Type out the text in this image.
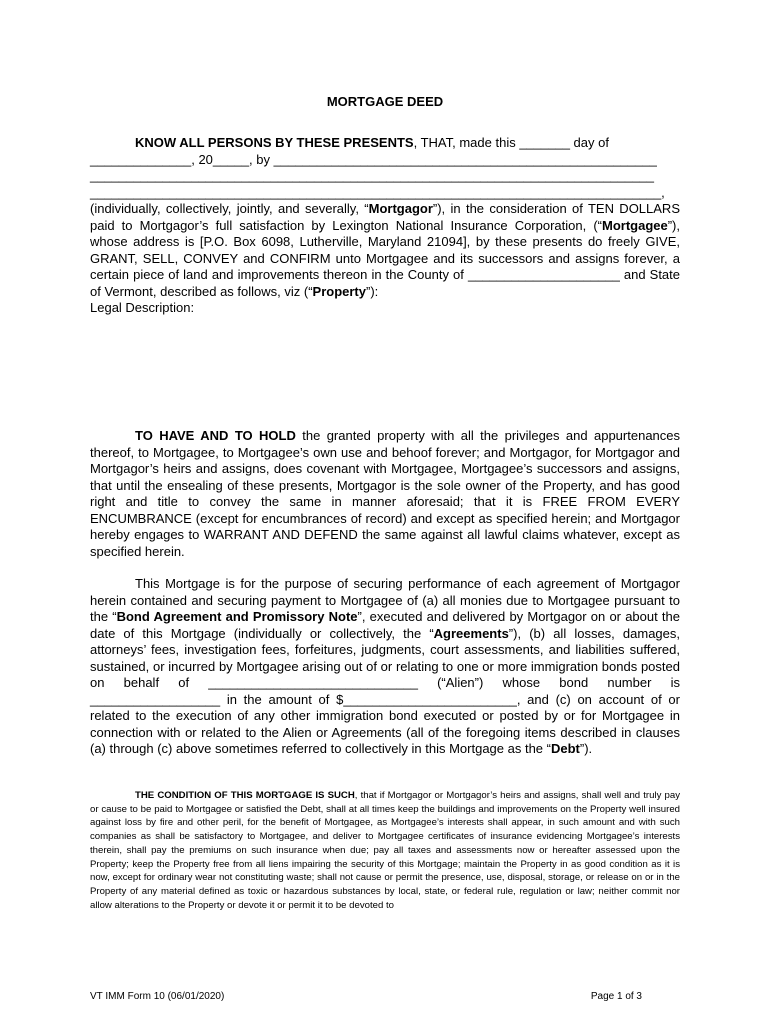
MORTGAGE DEED
KNOW ALL PERSONS BY THESE PRESENTS, THAT, made this _______ day of
______________, 20_____, by _____________________________________________________
______________________________________________________________________________
_______________________________________________________________________________,
(individually, collectively, jointly, and severally, “Mortgagor”), in the consideration of TEN DOLLARS paid to Mortgagor’s full satisfaction by Lexington National Insurance Corporation, (“Mortgagee”), whose address is [P.O. Box 6098, Lutherville, Maryland 21094], by these presents do freely GIVE, GRANT, SELL, CONVEY and CONFIRM unto Mortgagee and its successors and assigns forever, a certain piece of land and improvements thereon in the County of _____________________ and State of Vermont, described as follows, viz (“Property”):
Legal Description:
TO HAVE AND TO HOLD the granted property with all the privileges and appurtenances thereof, to Mortgagee, to Mortgagee’s own use and behoof forever; and Mortgagor, for Mortgagor and Mortgagor’s heirs and assigns, does covenant with Mortgagee, Mortgagee’s successors and assigns, that until the ensealing of these presents, Mortgagor is the sole owner of the Property, and has good right and title to convey the same in manner aforesaid; that it is FREE FROM EVERY ENCUMBRANCE (except for encumbrances of record) and except as specified herein; and Mortgagor hereby engages to WARRANT AND DEFEND the same against all lawful claims whatever, except as specified herein.
This Mortgage is for the purpose of securing performance of each agreement of Mortgagor herein contained and securing payment to Mortgagee of (a) all monies due to Mortgagee pursuant to the “Bond Agreement and Promissory Note”, executed and delivered by Mortgagor on or about the date of this Mortgage (individually or collectively, the “Agreements”), (b) all losses, damages, attorneys’ fees, investigation fees, forfeitures, judgments, court assessments, and liabilities suffered, sustained, or incurred by Mortgagee arising out of or relating to one or more immigration bonds posted on behalf of _____________________________ (“Alien”) whose bond number is __________________ in the amount of $________________________, and (c) on account of or related to the execution of any other immigration bond executed or posted by or for Mortgagee in connection with or related to the Alien or Agreements (all of the foregoing items described in clauses (a) through (c) above sometimes referred to collectively in this Mortgage as the “Debt”).
THE CONDITION OF THIS MORTGAGE IS SUCH, that if Mortgagor or Mortgagor’s heirs and assigns, shall well and truly pay or cause to be paid to Mortgagee or satisfied the Debt, shall at all times keep the buildings and improvements on the Property well insured against loss by fire and other peril, for the benefit of Mortgagee, as Mortgagee’s interests shall appear, in such amount and with such companies as shall be satisfactory to Mortgagee, and deliver to Mortgagee certificates of insurance evidencing Mortgagee’s interests therein, shall pay the premiums on such insurance when due; pay all taxes and assessments now or hereafter assessed upon the Property; keep the Property free from all liens impairing the security of this Mortgage; maintain the Property in as good condition as it is now, except for ordinary wear not constituting waste; shall not cause or permit the presence, use, disposal, storage, or release on or in the Property of any material defined as toxic or hazardous substances by local, state, or federal rule, regulation or law; neither commit nor allow alterations to the Property or devote it or permit it to be devoted to
VT IMM Form 10 (06/01/2020)	Page 1 of 3
